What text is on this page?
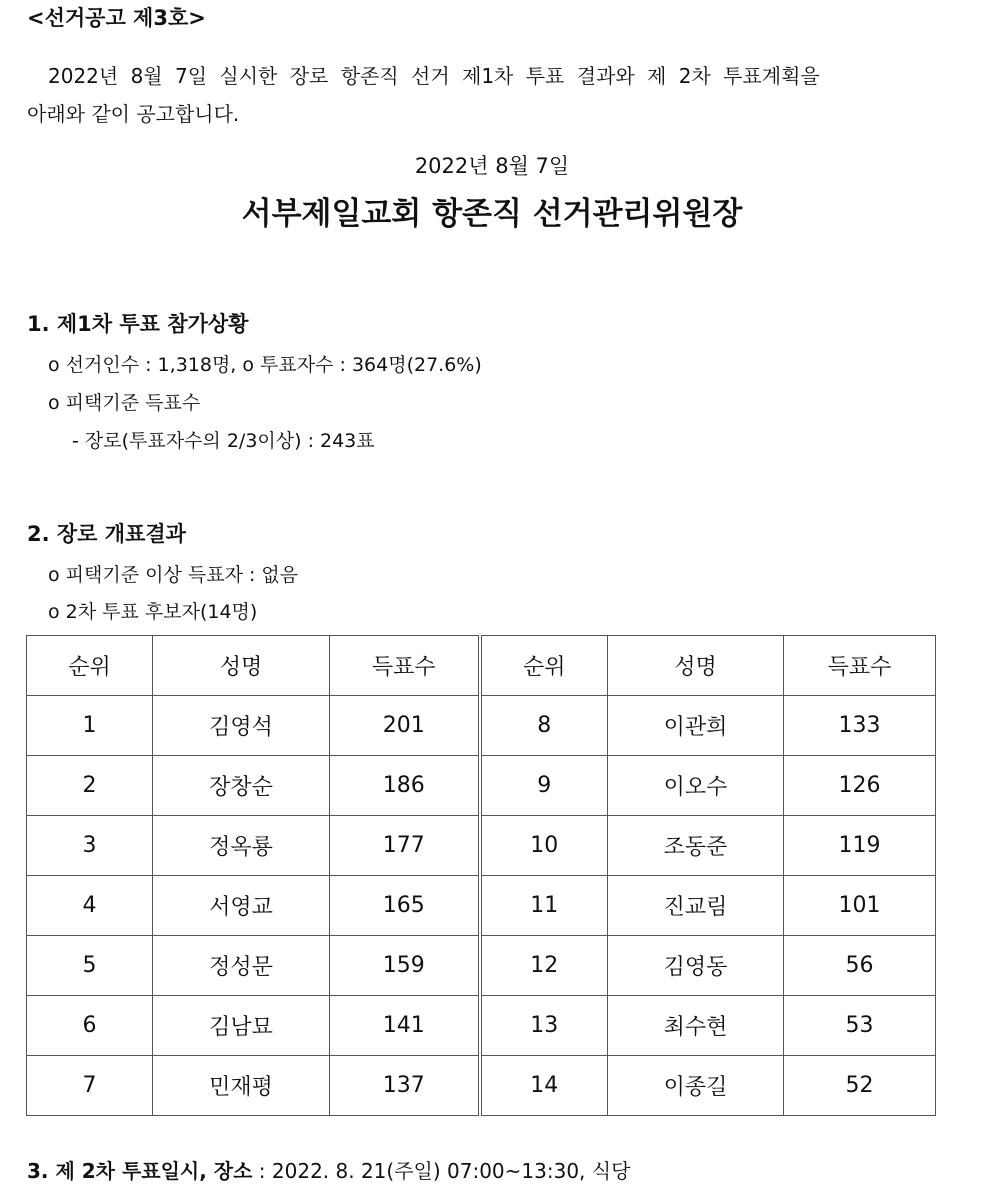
<선거공고 제3호>
2022년 8월 7일 실시한 장로 항존직 선거 제1차 투표 결과와 제 2차 투표계획을
아래와 같이 공고합니다.
2022년 8월 7일
서부제일교회 항존직 선거관리위원장
1. 제1차 투표 참가상황
o 선거인수 : 1,318명, o 투표자수 : 364명(27.6%)
o 피택기준 득표수
- 장로(투표자수의 2/3이상) : 243표
2. 장로 개표결과
o 피택기준 이상 득표자 : 없음
o 2차 투표 후보자(14명)
순위	성명	득표수	순위	성명	득표수
1	김영석	201	8	이관희	133
2	장창순	186	9	이오수	126
3	정옥룡	177	10	조동준	119
4	서영교	165	11	진교림	101
5	정성문	159	12	김영동	56
6	김남묘	141	13	최수현	53
7	민재평	137	14	이종길	52
3. 제 2차 투표일시, 장소 : 2022. 8. 21(주일) 07:00~13:30, 식당
